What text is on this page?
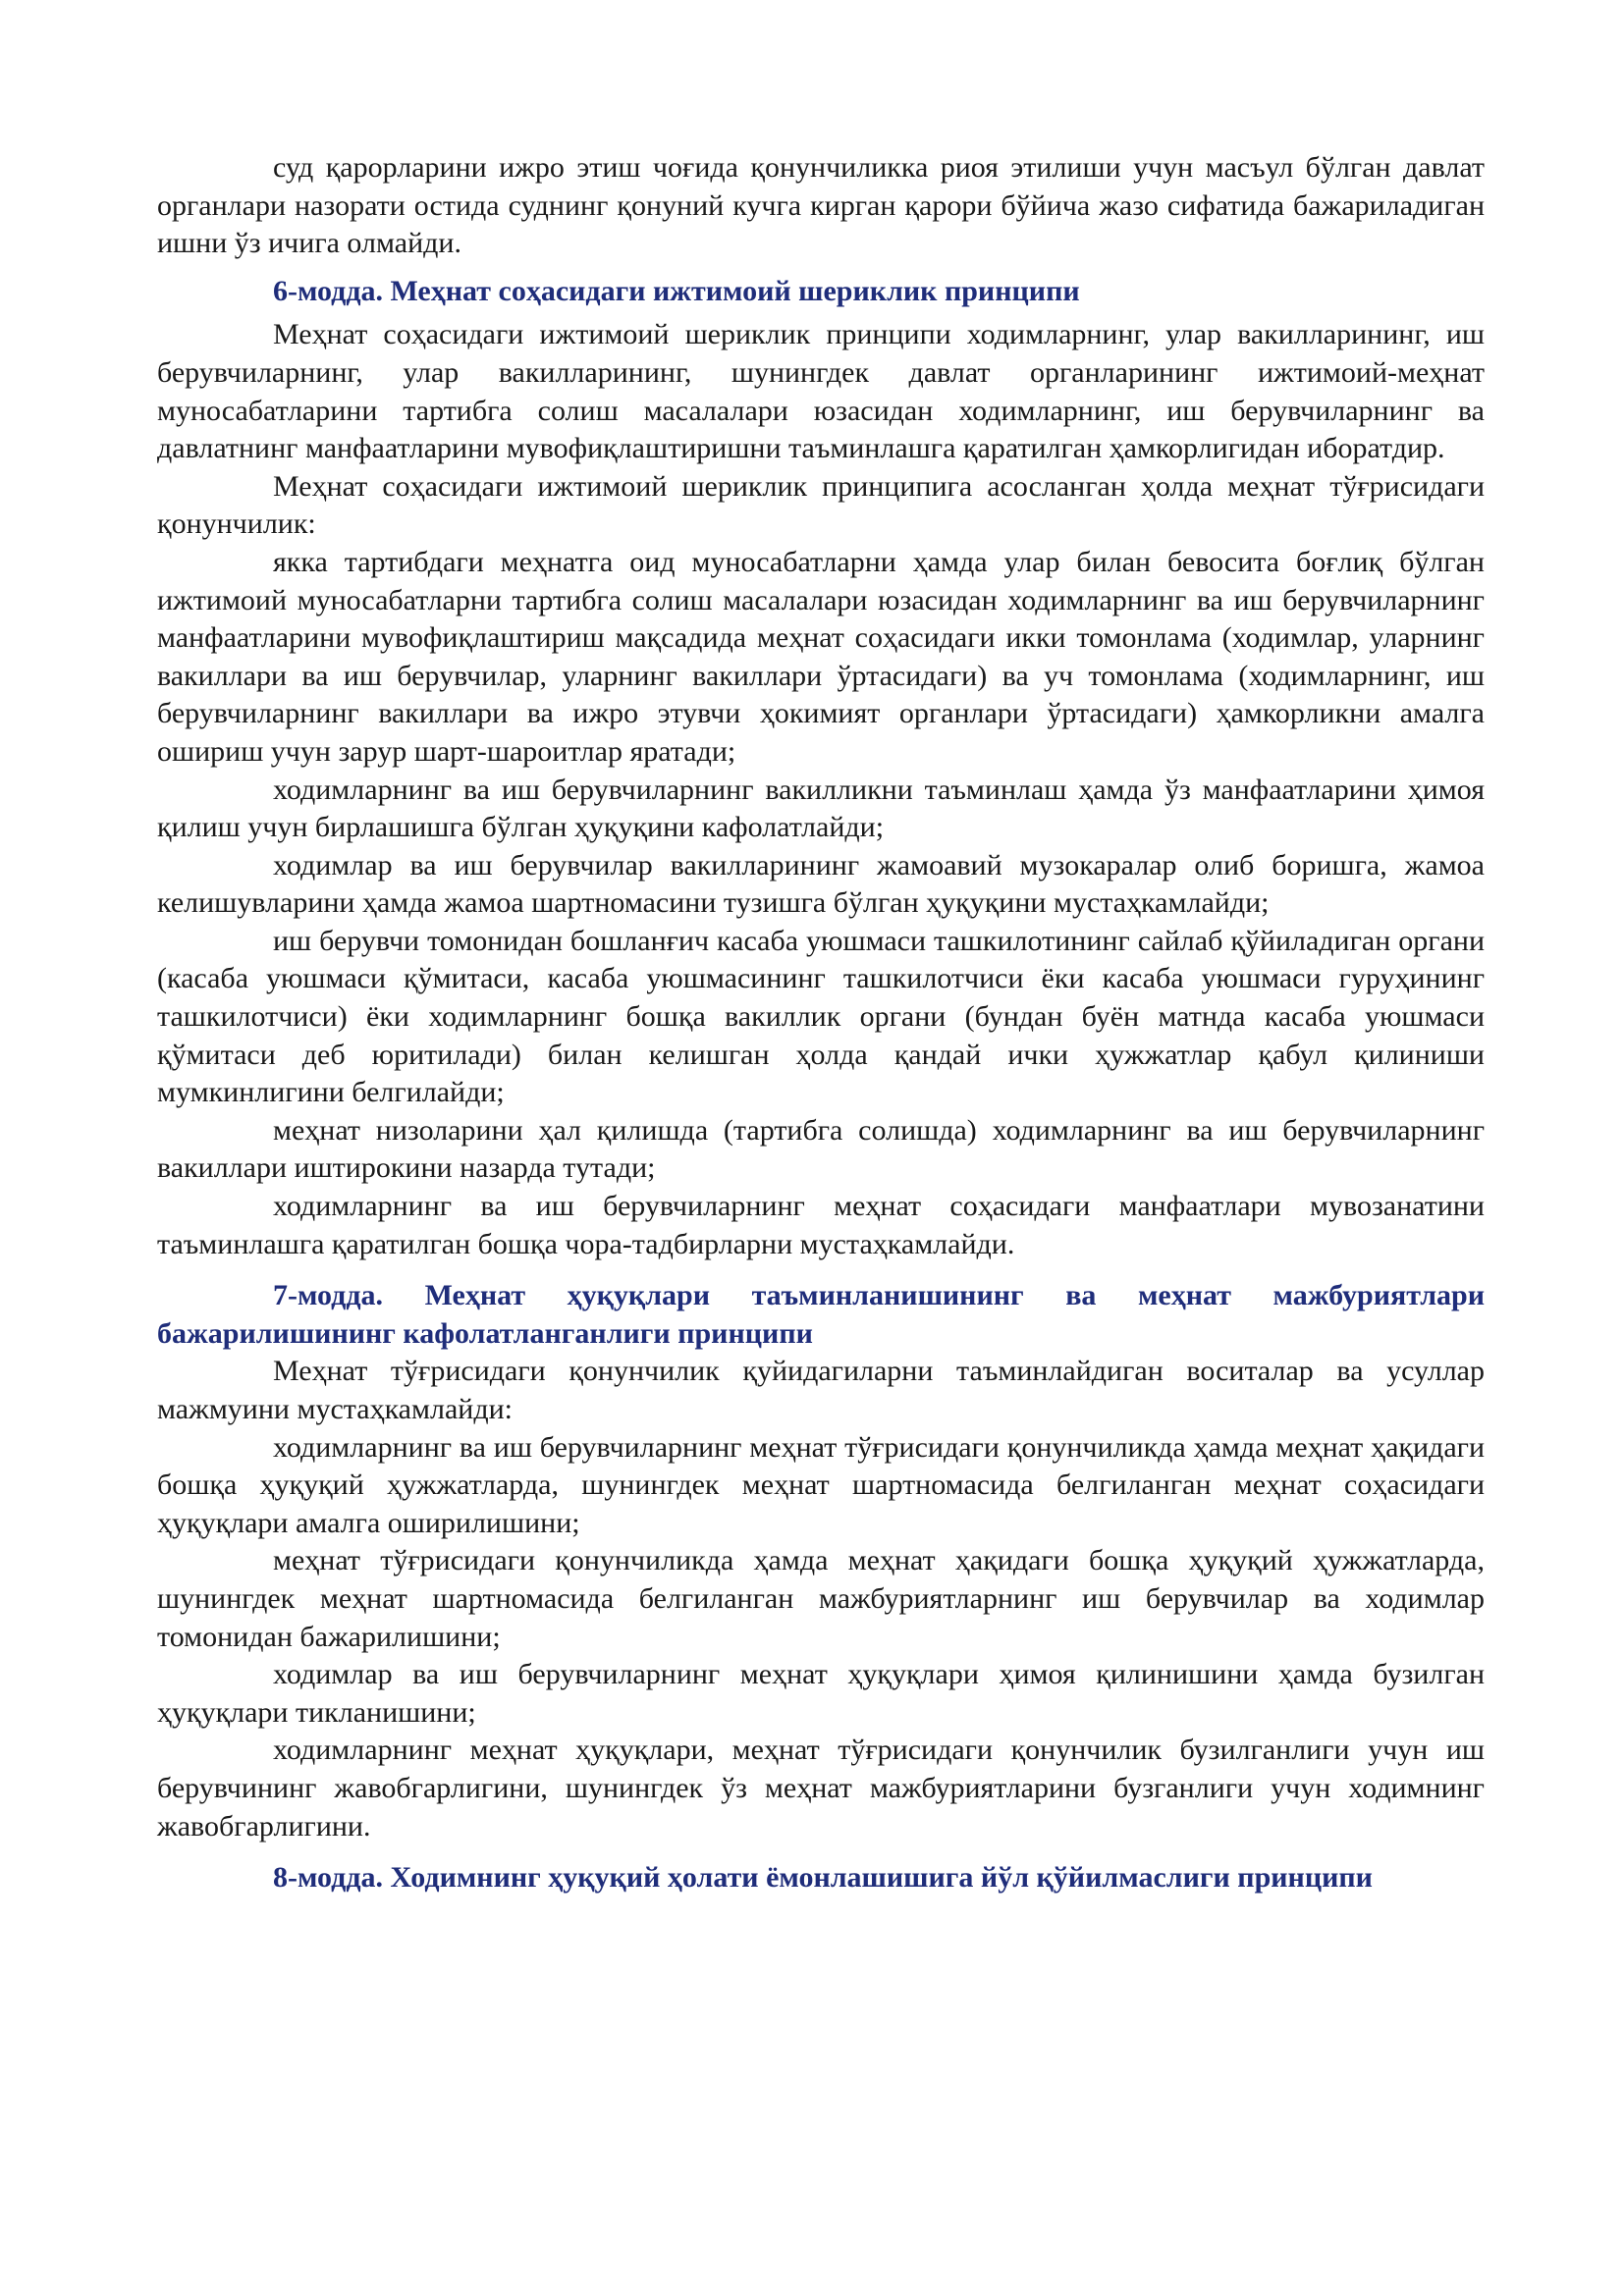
суд қарорларини ижро этиш чоғида қонунчиликка риоя этилиши учун масъул бўлган давлат органлари назорати остида суднинг қонуний кучга кирган қарори бўйича жазо сифатида бажариладиган ишни ўз ичига олмайди.

6-модда. Меҳнат соҳасидаги ижтимоий шериклик принципи

Меҳнат соҳасидаги ижтимоий шериклик принципи ходимларнинг, улар вакилларининг, иш берувчиларнинг, улар вакилларининг, шунингдек давлат органларининг ижтимоий-меҳнат муносабатларини тартибга солиш масалалари юзасидан ходимларнинг, иш берувчиларнинг ва давлатнинг манфаатларини мувофиқлаштиришни таъминлашга қаратилган ҳамкорлигидан иборатдир.

Меҳнат соҳасидаги ижтимоий шериклик принципига асосланган ҳолда меҳнат тўғрисидаги қонунчилик:

якка тартибдаги меҳнатга оид муносабатларни ҳамда улар билан бевосита боғлиқ бўлган ижтимоий муносабатларни тартибга солиш масалалари юзасидан ходимларнинг ва иш берувчиларнинг манфаатларини мувофиқлаштириш мақсадида меҳнат соҳасидаги икки томонлама (ходимлар, уларнинг вакиллари ва иш берувчилар, уларнинг вакиллари ўртасидаги) ва уч томонлама (ходимларнинг, иш берувчиларнинг вакиллари ва ижро этувчи ҳокимият органлари ўртасидаги) ҳамкорликни амалга ошириш учун зарур шарт-шароитлар яратади;

ходимларнинг ва иш берувчиларнинг вакилликни таъминлаш ҳамда ўз манфаатларини ҳимоя қилиш учун бирлашишга бўлган ҳуқуқини кафолатлайди;

ходимлар ва иш берувчилар вакилларининг жамоавий музокаралар олиб боришга, жамоа келишувларини ҳамда жамоа шартномасини тузишга бўлган ҳуқуқини мустаҳкамлайди;

иш берувчи томонидан бошланғич касаба уюшмаси ташкилотининг сайлаб қўйиладиган органи (касаба уюшмаси қўмитаси, касаба уюшмасининг ташкилотчиси ёки касаба уюшмаси гуруҳининг ташкилотчиси) ёки ходимларнинг бошқа вакиллик органи (бундан буён матнда касаба уюшмаси қўмитаси деб юритилади) билан келишган ҳолда қандай ички ҳужжатлар қабул қилиниши мумкинлигини белгилайди;

меҳнат низоларини ҳал қилишда (тартибга солишда) ходимларнинг ва иш берувчиларнинг вакиллари иштирокини назарда тутади;

ходимларнинг ва иш берувчиларнинг меҳнат соҳасидаги манфаатлари мувозанатини таъминлашга қаратилган бошқа чора-тадбирларни мустаҳкамлайди.

7-модда. Меҳнат ҳуқуқлари таъминланишининг ва меҳнат мажбуриятлари бажарилишининг кафолатланганлиги принципи

Меҳнат тўғрисидаги қонунчилик қуйидагиларни таъминлайдиган воситалар ва усуллар мажмуини мустаҳкамлайди:

ходимларнинг ва иш берувчиларнинг меҳнат тўғрисидаги қонунчиликда ҳамда меҳнат ҳақидаги бошқа ҳуқуқий ҳужжатларда, шунингдек меҳнат шартномасида белгиланган меҳнат соҳасидаги ҳуқуқлари амалга оширилишини;

меҳнат тўғрисидаги қонунчиликда ҳамда меҳнат ҳақидаги бошқа ҳуқуқий ҳужжатларда, шунингдек меҳнат шартномасида белгиланган мажбуриятларнинг иш берувчилар ва ходимлар томонидан бажарилишини;

ходимлар ва иш берувчиларнинг меҳнат ҳуқуқлари ҳимоя қилинишини ҳамда бузилган ҳуқуқлари тикланишини;

ходимларнинг меҳнат ҳуқуқлари, меҳнат тўғрисидаги қонунчилик бузилганлиги учун иш берувчининг жавобгарлигини, шунингдек ўз меҳнат мажбуриятларини бузганлиги учун ходимнинг жавобгарлигини.

8-модда. Ходимнинг ҳуқуқий ҳолати ёмонлашишига йўл қўйилмаслиги принципи
